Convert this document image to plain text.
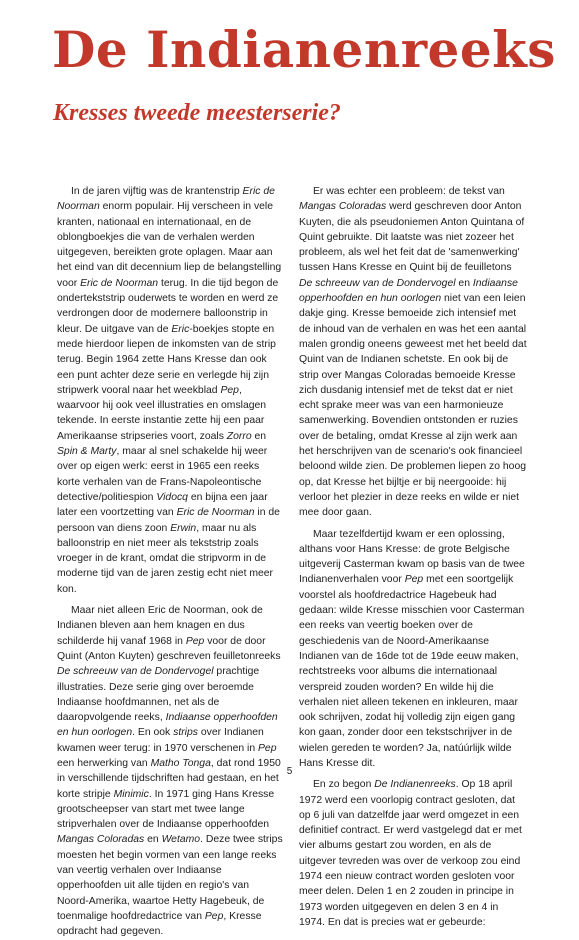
De Indianenreeks
Kresses tweede meesterserie?

In de jaren vijftig was de krantenstrip Eric de Noorman enorm populair. Hij verscheen in vele kranten, nationaal en internationaal, en de oblongboekjes die van de verhalen werden uitgegeven, bereikten grote oplagen. Maar aan het eind van dit decennium liep de belangstelling voor Eric de Noorman terug. In die tijd begon de ondertekststrip ouderwets te worden en werd ze verdrongen door de modernere balloonstrip in kleur. De uitgave van de Eric-boekjes stopte en mede hierdoor liepen de inkomsten van de strip terug. Begin 1964 zette Hans Kresse dan ook een punt achter deze serie en verlegde hij zijn stripwerk vooral naar het weekblad Pep, waarvoor hij ook veel illustraties en omslagen tekende. In eerste instantie zette hij een paar Amerikaanse stripseries voort, zoals Zorro en Spin & Marty, maar al snel schakelde hij weer over op eigen werk: eerst in 1965 een reeks korte verhalen van de Frans-Napoleontische detective/politiespion Vidocq en bijna een jaar later een voortzetting van Eric de Noorman in de persoon van diens zoon Erwin, maar nu als balloonstrip en niet meer als tekststrip zoals vroeger in de krant, omdat die stripvorm in de moderne tijd van de jaren zestig echt niet meer kon.

Maar niet alleen Eric de Noorman, ook de Indianen bleven aan hem knagen en dus schilderde hij vanaf 1968 in Pep voor de door Quint (Anton Kuyten) geschreven feuilletonreeks De schreeuw van de Dondervogel prachtige illustraties. Deze serie ging over beroemde Indiaanse hoofdmannen, net als de daaropvolgende reeks, Indiaanse opperhoofden en hun oorlogen. En ook strips over Indianen kwamen weer terug: in 1970 verschenen in Pep een herwerking van Matho Tonga, dat rond 1950 in verschillende tijdschriften had gestaan, en het korte stripje Minimic. In 1971 ging Hans Kresse grootscheepser van start met twee lange stripverhalen over de Indiaanse opperhoofden Mangas Coloradas en Wetamo. Deze twee strips moesten het begin vormen van een lange reeks van veertig verhalen over Indiaanse opperhoofden uit alle tijden en regio's van Noord-Amerika, waartoe Hetty Hagebeuk, de toenmalige hoofdredactrice van Pep, Kresse opdracht had gegeven.

Er was echter een probleem: de tekst van Mangas Coloradas werd geschreven door Anton Kuyten, die als pseudoniemen Anton Quintana of Quint gebruikte. Dit laatste was niet zozeer het probleem, als wel het feit dat de 'samenwerking' tussen Hans Kresse en Quint bij de feuilletons De schreeuw van de Dondervogel en Indiaanse opperhoofden en hun oorlogen niet van een leien dakje ging. Kresse bemoeide zich intensief met de inhoud van de verhalen en was het een aantal malen grondig oneens geweest met het beeld dat Quint van de Indianen schetste. En ook bij de strip over Mangas Coloradas bemoeide Kresse zich dusdanig intensief met de tekst dat er niet echt sprake meer was van een harmonieuze samenwerking. Bovendien ontstonden er ruzies over de betaling, omdat Kresse al zijn werk aan het herschrijven van de scenario's ook financieel beloond wilde zien. De problemen liepen zo hoog op, dat Kresse het bijltje er bij neergooide: hij verloor het plezier in deze reeks en wilde er niet mee door gaan.

Maar tezelfdertijd kwam er een oplossing, althans voor Hans Kresse: de grote Belgische uitgeverij Casterman kwam op basis van de twee Indianenverhalen voor Pep met een soortgelijk voorstel als hoofdredactrice Hagebeuk had gedaan: wilde Kresse misschien voor Casterman een reeks van veertig boeken over de geschiedenis van de Noord-Amerikaanse Indianen van de 16de tot de 19de eeuw maken, rechtstreeks voor albums die internationaal verspreid zouden worden? En wilde hij die verhalen niet alleen tekenen en inkleuren, maar ook schrijven, zodat hij volledig zijn eigen gang kon gaan, zonder door een tekstschrijver in de wielen gereden te worden? Ja, natúúrlijk wilde Hans Kresse dit.

En zo begon De Indianenreeks. Op 18 april 1972 werd een voorlopig contract gesloten, dat op 6 juli van datzelfde jaar werd omgezet in een definitief contract. Er werd vastgelegd dat er met vier albums gestart zou worden, en als de uitgever tevreden was over de verkoop zou eind 1974 een nieuw contract worden gesloten voor meer delen. Delen 1 en 2 zouden in principe in 1973 worden uitgegeven en delen 3 en 4 in 1974. En dat is precies wat er gebeurde:

5
